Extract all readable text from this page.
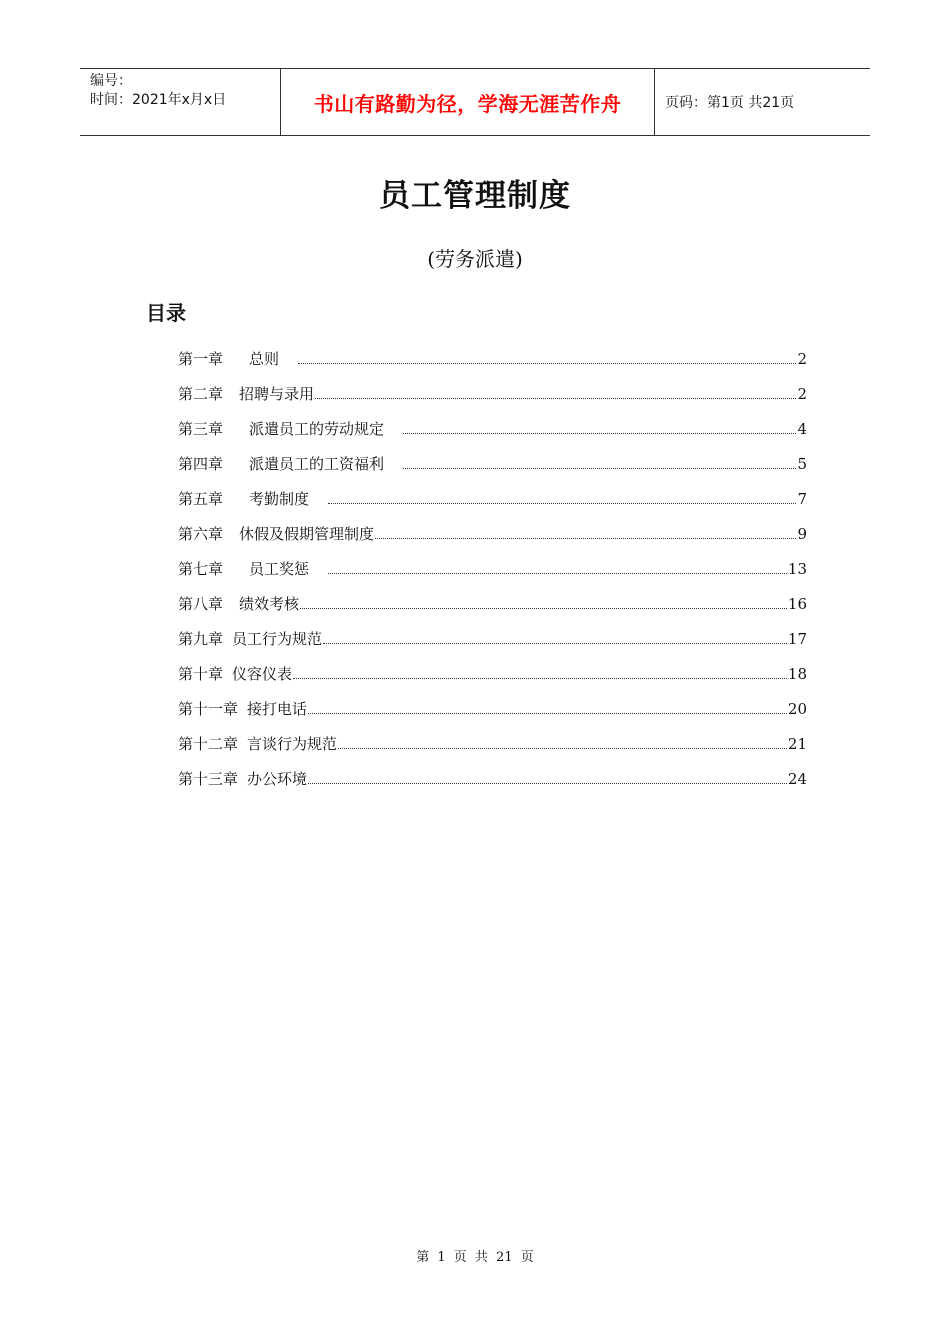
编号：
时间：2021年x月x日	书山有路勤为径，学海无涯苦作舟	页码：第1页 共21页
员工管理制度
(劳务派遣)
目录
第一章 总则	2
第二章 招聘与录用	2
第三章 派遣员工的劳动规定	4
第四章 派遣员工的工资福利	5
第五章 考勤制度	7
第六章 休假及假期管理制度	9
第七章 员工奖惩	13
第八章 绩效考核	16
第九章 员工行为规范	17
第十章 仪容仪表	18
第十一章 接打电话	20
第十二章 言谈行为规范	21
第十三章 办公环境	24
第 1 页 共 21 页
